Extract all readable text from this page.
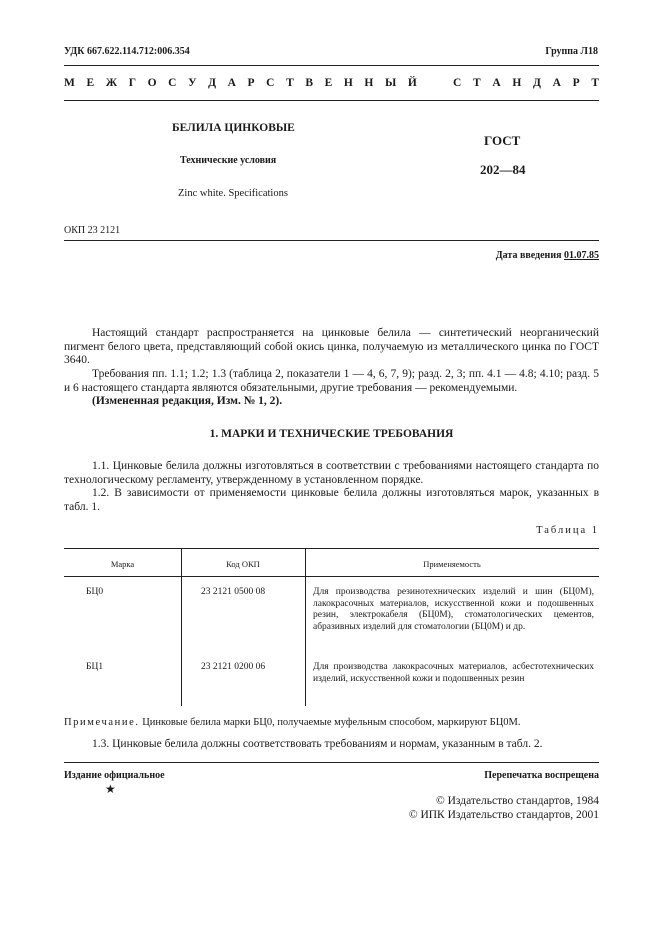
УДК 667.622.114.712:006.354	Группа Л18
М Е Ж Г О С У Д А Р С Т В Е Н Н Ы Й	С Т А Н Д А Р Т
БЕЛИЛА ЦИНКОВЫЕ
Технические условия
Zinc white. Specifications
ГОСТ
202—84
ОКП 23 2121
Дата введения 01.07.85
Настоящий стандарт распространяется на цинковые белила — синтетический неорганический пигмент белого цвета, представляющий собой окись цинка, получаемую из металлического цинка по ГОСТ 3640.
Требования пп. 1.1; 1.2; 1.3 (таблица 2, показатели 1 — 4, 6, 7, 9); разд. 2, 3; пп. 4.1 — 4.8; 4.10; разд. 5 и 6 настоящего стандарта являются обязательными, другие требования — рекомендуемыми.
(Измененная редакция, Изм. № 1, 2).
1. МАРКИ И ТЕХНИЧЕСКИЕ ТРЕБОВАНИЯ
1.1. Цинковые белила должны изготовляться в соответствии с требованиями настоящего стандарта по технологическому регламенту, утвержденному в установленном порядке.
1.2. В зависимости от применяемости цинковые белила должны изготовляться марок, указанных в табл. 1.
Таблица 1
Марка	Код ОКП	Применяемость
БЦ0	23 2121 0500 08	Для производства резинотехнических изделий и шин (БЦ0М), лакокрасочных материалов, искусственной кожи и подошвенных резин, электрокабеля (БЦ0М), стоматологических цементов, абразивных изделий для стоматологии (БЦ0М) и др.
БЦ1	23 2121 0200 06	Для производства лакокрасочных материалов, асбестотехнических изделий, искусственной кожи и подошвенных резин
Примечание. Цинковые белила марки БЦ0, получаемые муфельным способом, маркируют БЦ0М.
1.3. Цинковые белила должны соответствовать требованиям и нормам, указанным в табл. 2.
Издание официальное
★
Перепечатка воспрещена
© Издательство стандартов, 1984
© ИПК Издательство стандартов, 2001
